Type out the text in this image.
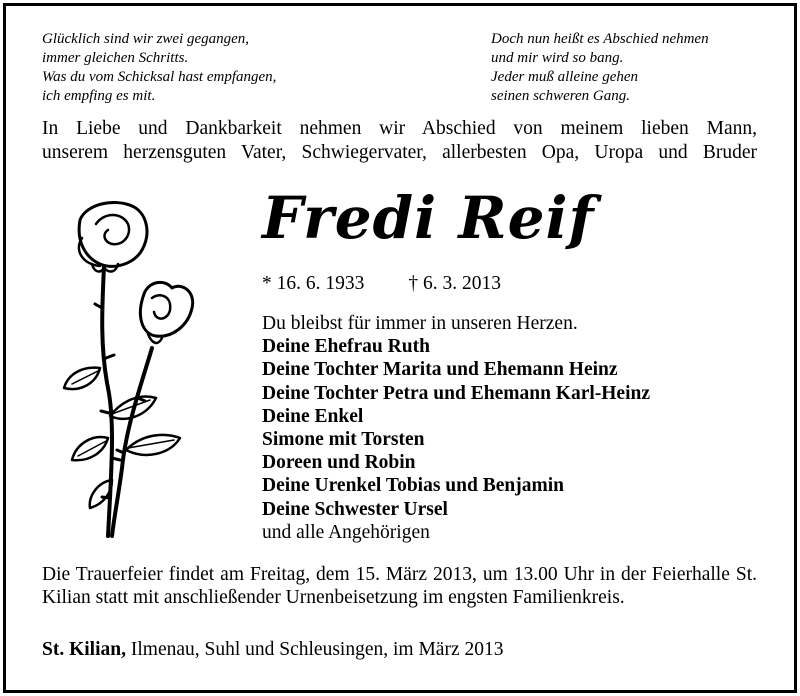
Glücklich sind wir zwei gegangen,
immer gleichen Schritts.
Was du vom Schicksal hast empfangen,
ich empfing es mit.
Doch nun heißt es Abschied nehmen
und mir wird so bang.
Jeder muß alleine gehen
seinen schweren Gang.
In Liebe und Dankbarkeit nehmen wir Abschied von meinem lieben Mann,
unserem herzensguten Vater, Schwiegervater, allerbesten Opa, Uropa und Bruder
Fredi Reif
* 16. 6. 1933 † 6. 3. 2013
Du bleibst für immer in unseren Herzen.
Deine Ehefrau Ruth
Deine Tochter Marita und Ehemann Heinz
Deine Tochter Petra und Ehemann Karl-Heinz
Deine Enkel
Simone mit Torsten
Doreen und Robin
Deine Urenkel Tobias und Benjamin
Deine Schwester Ursel
und alle Angehörigen
Die Trauerfeier findet am Freitag, dem 15. März 2013, um 13.00 Uhr in der Feierhalle St. Kilian statt mit anschließender Urnenbeisetzung im engsten Familienkreis.
St. Kilian, Ilmenau, Suhl und Schleusingen, im März 2013
